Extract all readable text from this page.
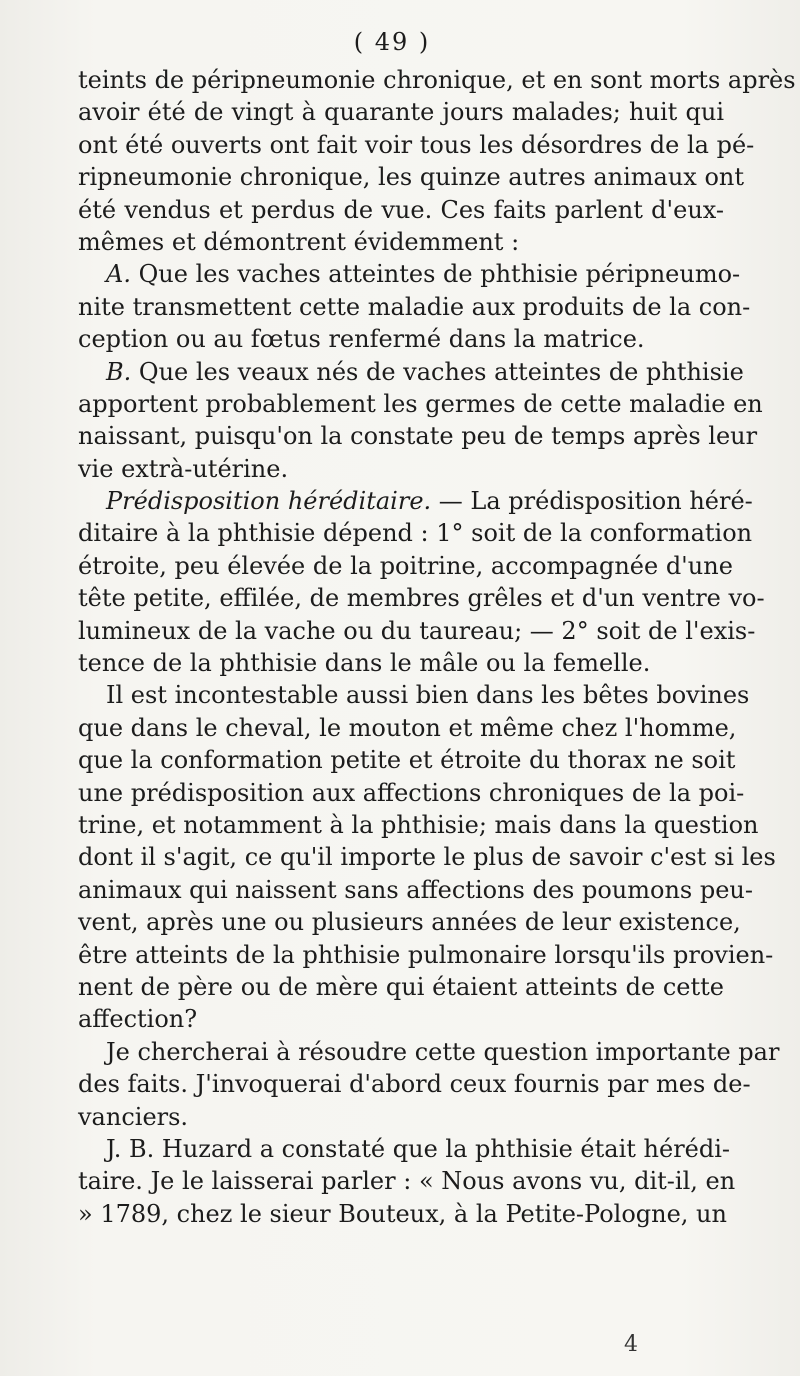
( 49 )
teints de péripneumonie chronique, et en sont morts après
avoir été de vingt à quarante jours malades; huit qui
ont été ouverts ont fait voir tous les désordres de la pé-
ripneumonie chronique, les quinze autres animaux ont
été vendus et perdus de vue. Ces faits parlent d'eux-
mêmes et démontrent évidemment :
A. Que les vaches atteintes de phthisie péripneumo-
nite transmettent cette maladie aux produits de la con-
ception ou au fœtus renfermé dans la matrice.
B. Que les veaux nés de vaches atteintes de phthisie
apportent probablement les germes de cette maladie en
naissant, puisqu'on la constate peu de temps après leur
vie extrà-utérine.
Prédisposition héréditaire. — La prédisposition héré-
ditaire à la phthisie dépend : 1° soit de la conformation
étroite, peu élevée de la poitrine, accompagnée d'une
tête petite, effilée, de membres grêles et d'un ventre vo-
lumineux de la vache ou du taureau; — 2° soit de l'exis-
tence de la phthisie dans le mâle ou la femelle.
Il est incontestable aussi bien dans les bêtes bovines
que dans le cheval, le mouton et même chez l'homme,
que la conformation petite et étroite du thorax ne soit
une prédisposition aux affections chroniques de la poi-
trine, et notamment à la phthisie; mais dans la question
dont il s'agit, ce qu'il importe le plus de savoir c'est si les
animaux qui naissent sans affections des poumons peu-
vent, après une ou plusieurs années de leur existence,
être atteints de la phthisie pulmonaire lorsqu'ils provien-
nent de père ou de mère qui étaient atteints de cette
affection?
Je chercherai à résoudre cette question importante par
des faits. J'invoquerai d'abord ceux fournis par mes de-
vanciers.
J. B. Huzard a constaté que la phthisie était hérédi-
taire. Je le laisserai parler : « Nous avons vu, dit-il, en
» 1789, chez le sieur Bouteux, à la Petite-Pologne, un
4
